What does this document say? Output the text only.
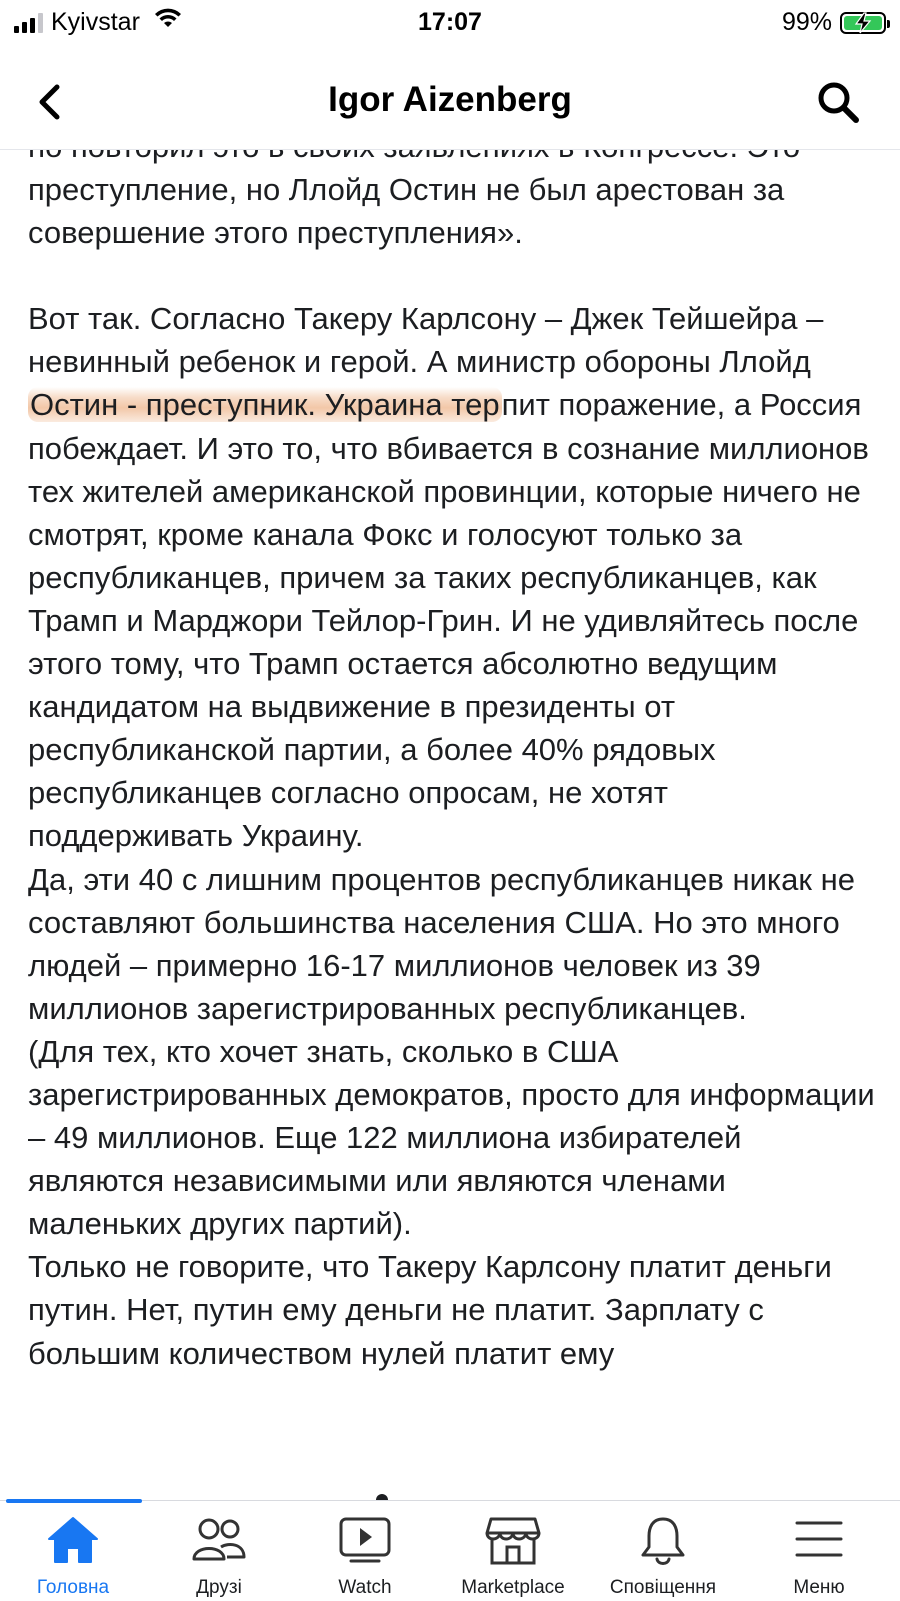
Kyivstar	17:07	99%
Igor Aizenberg

преступление, но Ллойд Остин не был арестован за совершение этого преступления».

Вот так. Согласно Такеру Карлсону – Джек Тейшейра – невинный ребенок и герой. А министр обороны Ллойд Остин - преступник. Украина терпит поражение, а Россия побеждает. И это то, что вбивается в сознание миллионов тех жителей американской провинции, которые ничего не смотрят, кроме канала Фокс и голосуют только за республиканцев, причем за таких республиканцев, как Трамп и Марджори Тейлор-Грин. И не удивляйтесь после этого тому, что Трамп остается абсолютно ведущим кандидатом на выдвижение в президенты от республиканской партии, а более 40% рядовых республиканцев согласно опросам, не хотят поддерживать Украину.

Да, эти 40 с лишним процентов республиканцев никак не составляют большинства населения США. Но это много людей – примерно 16-17 миллионов человек из 39 миллионов зарегистрированных республиканцев.

(Для тех, кто хочет знать, сколько в США зарегистрированных демократов, просто для информации – 49 миллионов. Еще 122 миллиона избирателей являются независимыми или являются членами маленьких других партий).

Только не говорите, что Такеру Карлсону платит деньги путин. Нет, путин ему деньги не платит. Зарплату с большим количеством нулей платит ему

Головна	Друзі	Watch	Marketplace	Сповіщення	Меню
